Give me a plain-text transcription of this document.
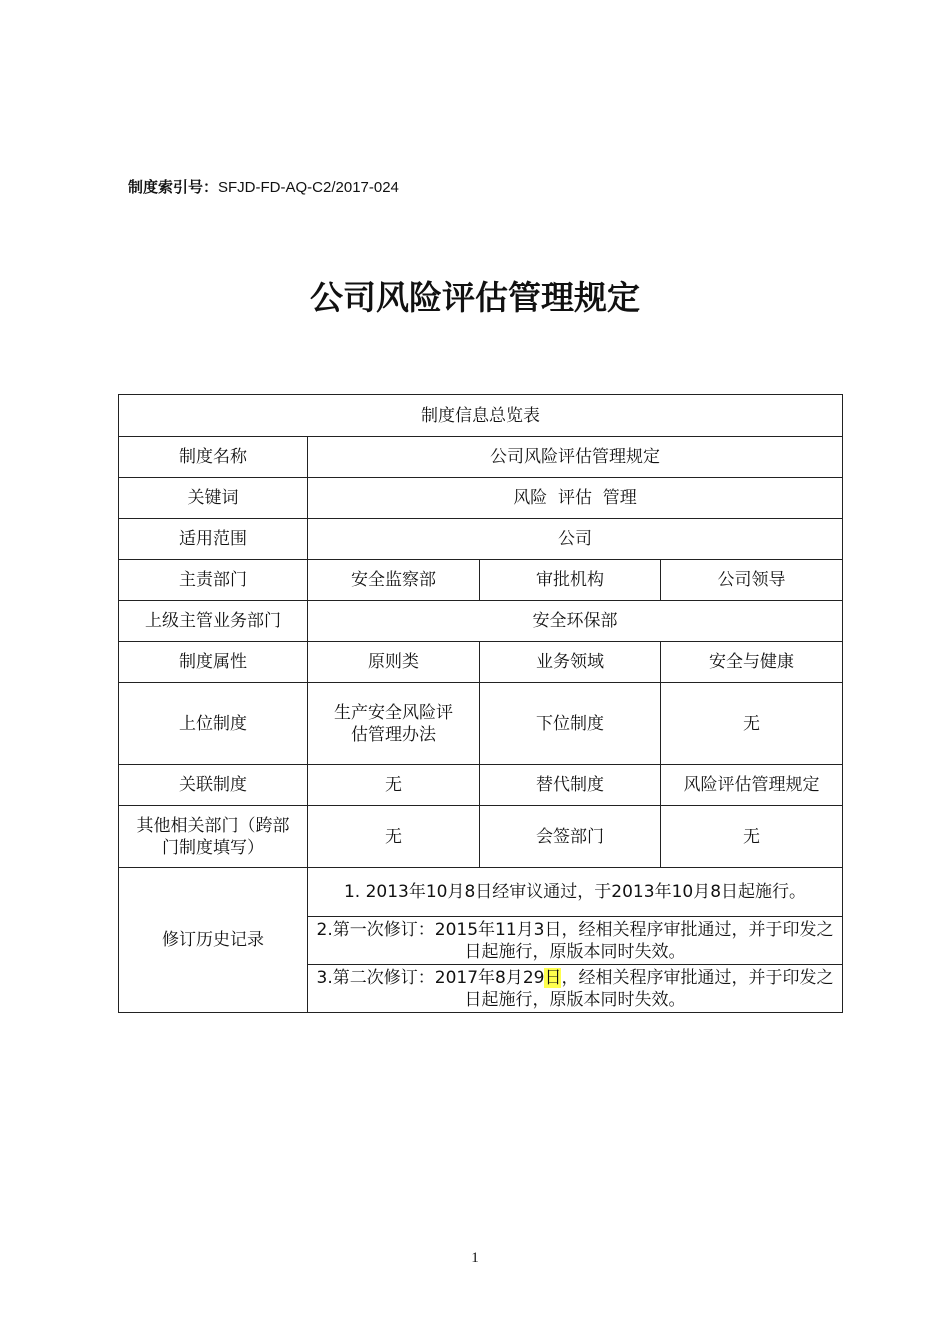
制度索引号：SFJD-FD-AQ-C2/2017-024
公司风险评估管理规定
制度信息总览表			
制度名称	公司风险评估管理规定		
关键词	风险  评估  管理		
适用范围	公司		
主责部门	安全监察部	审批机构	公司领导
上级主管业务部门	安全环保部		
制度属性	原则类	业务领域	安全与健康
上位制度	生产安全风险评估管理办法	下位制度	无
关联制度	无	替代制度	风险评估管理规定
其他相关部门（跨部门制度填写）	无	会签部门	无
修订历史记录	1. 2013年10月8日经审议通过，于2013年10月8日起施行。		
	2.第一次修订：2015年11月3日，经相关程序审批通过，并于印发之日起施行，原版本同时失效。		
	3.第二次修订：2017年8月29日，经相关程序审批通过，并于印发之日起施行，原版本同时失效。		
1
